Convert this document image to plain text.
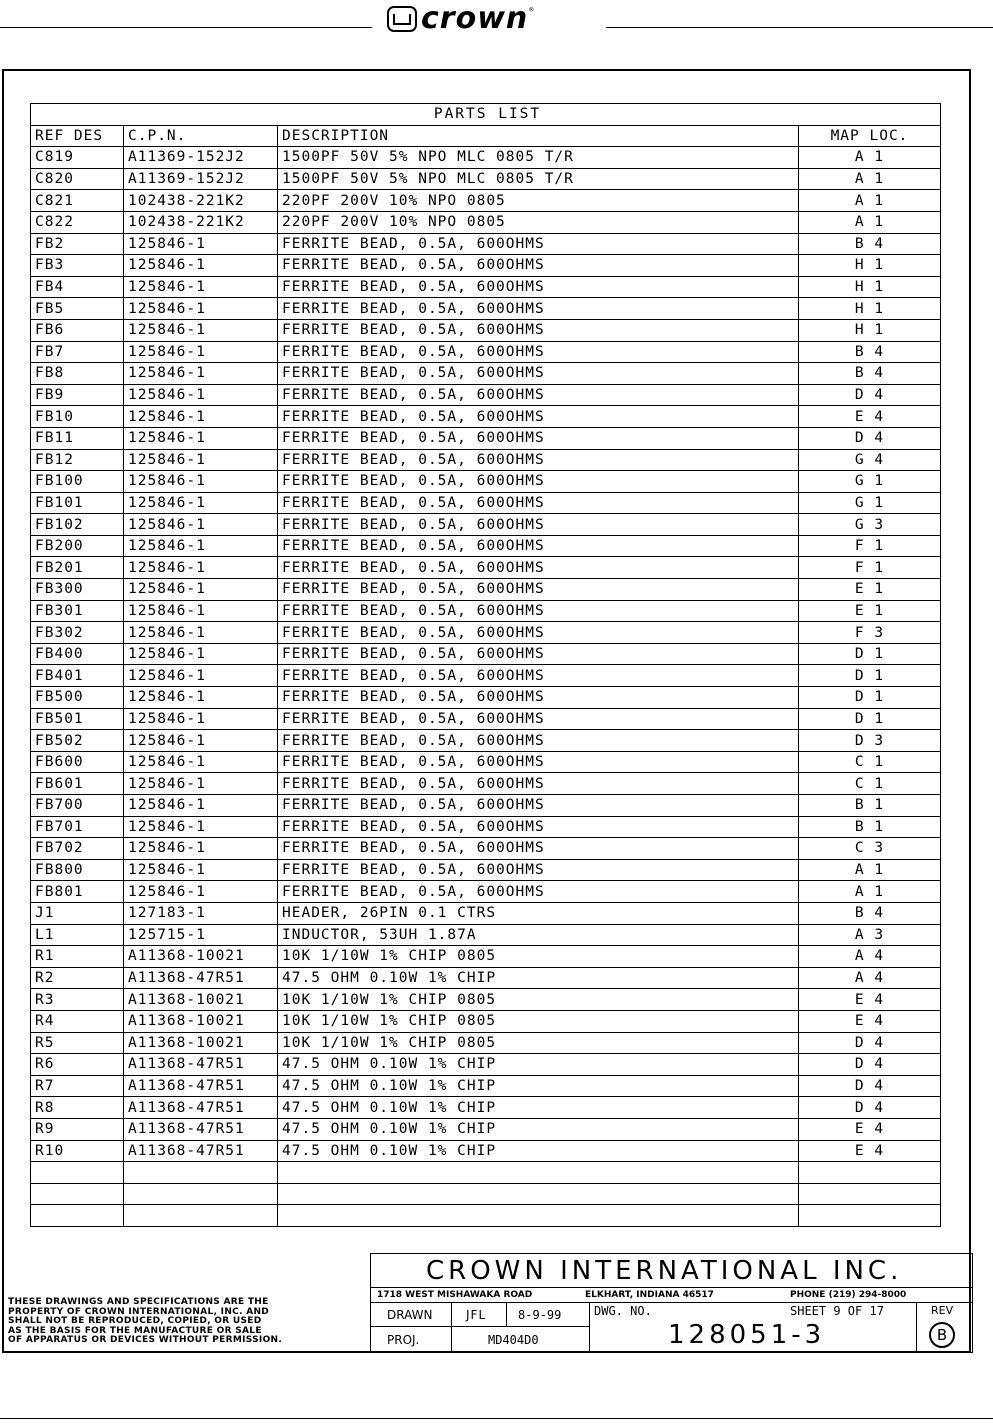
crown ®
PARTS LIST			
REF DES	C.P.N.	DESCRIPTION	MAP LOC.
C819	A11369-152J2	1500PF 50V 5% NPO MLC 0805 T/R	A 1
C820	A11369-152J2	1500PF 50V 5% NPO MLC 0805 T/R	A 1
C821	102438-221K2	220PF 200V 10% NPO 0805	A 1
C822	102438-221K2	220PF 200V 10% NPO 0805	A 1
FB2	125846-1	FERRITE BEAD, 0.5A, 600OHMS	B 4
FB3	125846-1	FERRITE BEAD, 0.5A, 600OHMS	H 1
FB4	125846-1	FERRITE BEAD, 0.5A, 600OHMS	H 1
FB5	125846-1	FERRITE BEAD, 0.5A, 600OHMS	H 1
FB6	125846-1	FERRITE BEAD, 0.5A, 600OHMS	H 1
FB7	125846-1	FERRITE BEAD, 0.5A, 600OHMS	B 4
FB8	125846-1	FERRITE BEAD, 0.5A, 600OHMS	B 4
FB9	125846-1	FERRITE BEAD, 0.5A, 600OHMS	D 4
FB10	125846-1	FERRITE BEAD, 0.5A, 600OHMS	E 4
FB11	125846-1	FERRITE BEAD, 0.5A, 600OHMS	D 4
FB12	125846-1	FERRITE BEAD, 0.5A, 600OHMS	G 4
FB100	125846-1	FERRITE BEAD, 0.5A, 600OHMS	G 1
FB101	125846-1	FERRITE BEAD, 0.5A, 600OHMS	G 1
FB102	125846-1	FERRITE BEAD, 0.5A, 600OHMS	G 3
FB200	125846-1	FERRITE BEAD, 0.5A, 600OHMS	F 1
FB201	125846-1	FERRITE BEAD, 0.5A, 600OHMS	F 1
FB300	125846-1	FERRITE BEAD, 0.5A, 600OHMS	E 1
FB301	125846-1	FERRITE BEAD, 0.5A, 600OHMS	E 1
FB302	125846-1	FERRITE BEAD, 0.5A, 600OHMS	F 3
FB400	125846-1	FERRITE BEAD, 0.5A, 600OHMS	D 1
FB401	125846-1	FERRITE BEAD, 0.5A, 600OHMS	D 1
FB500	125846-1	FERRITE BEAD, 0.5A, 600OHMS	D 1
FB501	125846-1	FERRITE BEAD, 0.5A, 600OHMS	D 1
FB502	125846-1	FERRITE BEAD, 0.5A, 600OHMS	D 3
FB600	125846-1	FERRITE BEAD, 0.5A, 600OHMS	C 1
FB601	125846-1	FERRITE BEAD, 0.5A, 600OHMS	C 1
FB700	125846-1	FERRITE BEAD, 0.5A, 600OHMS	B 1
FB701	125846-1	FERRITE BEAD, 0.5A, 600OHMS	B 1
FB702	125846-1	FERRITE BEAD, 0.5A, 600OHMS	C 3
FB800	125846-1	FERRITE BEAD, 0.5A, 600OHMS	A 1
FB801	125846-1	FERRITE BEAD, 0.5A, 600OHMS	A 1
J1	127183-1	HEADER, 26PIN 0.1 CTRS	B 4
L1	125715-1	INDUCTOR, 53UH 1.87A	A 3
R1	A11368-10021	10K 1/10W 1% CHIP 0805	A 4
R2	A11368-47R51	47.5 OHM 0.10W 1% CHIP	A 4
R3	A11368-10021	10K 1/10W 1% CHIP 0805	E 4
R4	A11368-10021	10K 1/10W 1% CHIP 0805	E 4
R5	A11368-10021	10K 1/10W 1% CHIP 0805	D 4
R6	A11368-47R51	47.5 OHM 0.10W 1% CHIP	D 4
R7	A11368-47R51	47.5 OHM 0.10W 1% CHIP	D 4
R8	A11368-47R51	47.5 OHM 0.10W 1% CHIP	D 4
R9	A11368-47R51	47.5 OHM 0.10W 1% CHIP	E 4
R10	A11368-47R51	47.5 OHM 0.10W 1% CHIP	E 4

CROWN INTERNATIONAL INC.
1718 WEST MISHAWAKA ROAD	ELKHART, INDIANA 46517	PHONE (219) 294-8000
DRAWN	JFL	8-9-99
PROJ.	MD404D0
DWG. NO.	SHEET 9 OF 17
128051-3
REV
B
THESE DRAWINGS AND SPECIFICATIONS ARE THE
PROPERTY OF CROWN INTERNATIONAL, INC. AND
SHALL NOT BE REPRODUCED, COPIED, OR USED
AS THE BASIS FOR THE MANUFACTURE OR SALE
OF APPARATUS OR DEVICES WITHOUT PERMISSION.
